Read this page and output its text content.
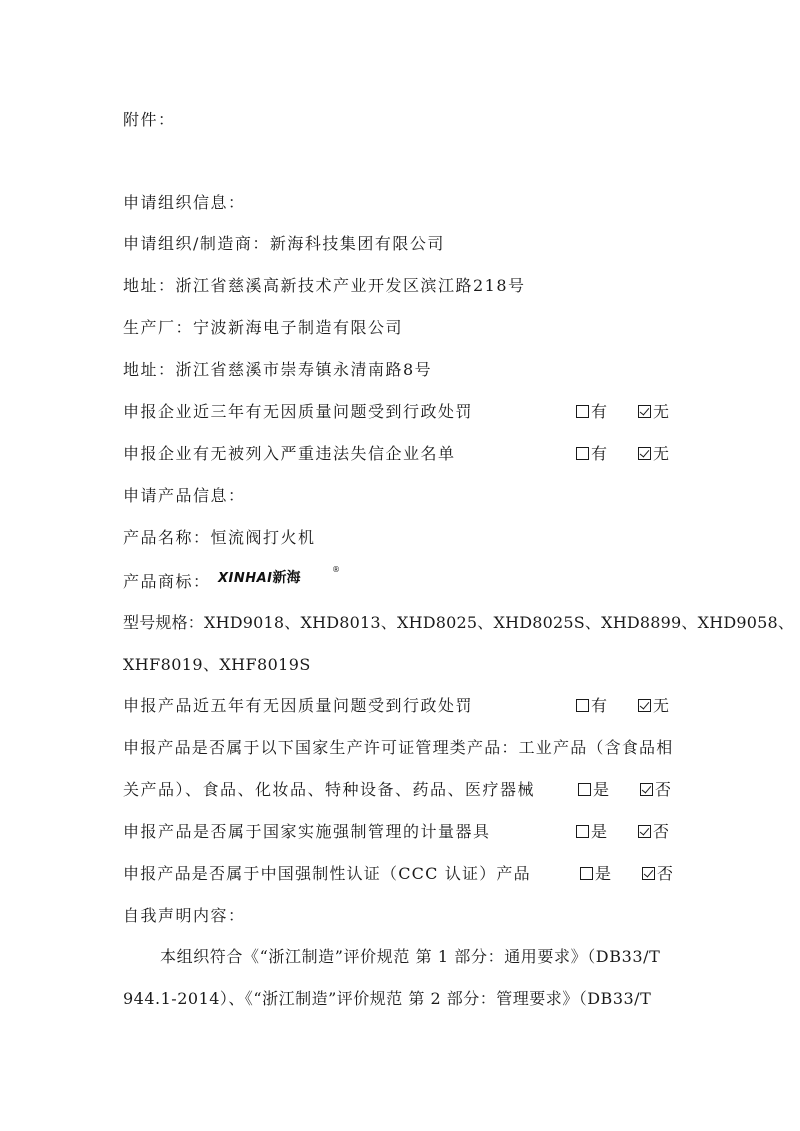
附件：
申请组织信息：
申请组织/制造商：新海科技集团有限公司
地址：浙江省慈溪高新技术产业开发区滨江路218号
生产厂：宁波新海电子制造有限公司
地址：浙江省慈溪市崇寿镇永清南路8号
申报企业近三年有无因质量问题受到行政处罚	有	无
申报企业有无被列入严重违法失信企业名单	有	无
申请产品信息：
产品名称：恒流阀打火机
产品商标： XINHAI新海
®
型号规格：XHD9018、XHD8013、XHD8025、XHD8025S、XHD8899、XHD9058、
XHF8019、XHF8019S
申报产品近五年有无因质量问题受到行政处罚	有	无
申报产品是否属于以下国家生产许可证管理类产品：工业产品（含食品相
关产品）、食品、化妆品、特种设备、药品、医疗器械	是	否
申报产品是否属于国家实施强制管理的计量器具	是	否
申报产品是否属于中国强制性认证（CCC 认证）产品	是	否
自我声明内容：
本组织符合《“浙江制造”评价规范 第 1 部分：通用要求》（DB33/T
944.1-2014）、《“浙江制造”评价规范 第 2 部分：管理要求》（DB33/T
